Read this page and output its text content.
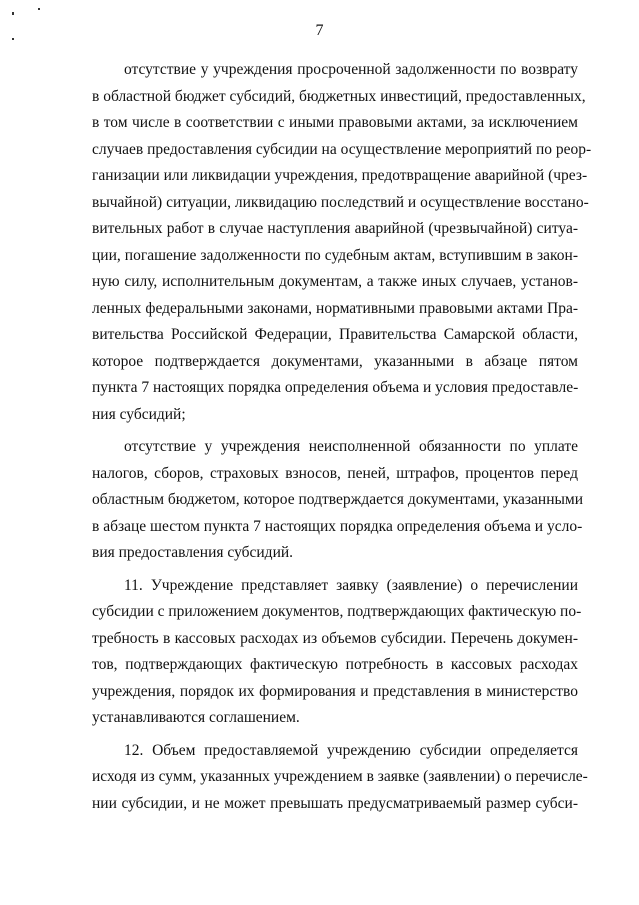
7
отсутствие у учреждения просроченной задолженности по возврату
в областной бюджет субсидий, бюджетных инвестиций, предоставленных,
в том числе в соответствии с иными правовыми актами, за исключением
случаев предоставления субсидии на осуществление мероприятий по реор-
ганизации или ликвидации учреждения, предотвращение аварийной (чрез-
вычайной) ситуации, ликвидацию последствий и осуществление восстано-
вительных работ в случае наступления аварийной (чрезвычайной) ситуа-
ции, погашение задолженности по судебным актам, вступившим в закон-
ную силу, исполнительным документам, а также иных случаев, установ-
ленных федеральными законами, нормативными правовыми актами Пра-
вительства Российской Федерации, Правительства Самарской области,
которое подтверждается документами, указанными в абзаце пятом
пункта 7 настоящих порядка определения объема и условия предоставле-
ния субсидий;
отсутствие у учреждения неисполненной обязанности по уплате
налогов, сборов, страховых взносов, пеней, штрафов, процентов перед
областным бюджетом, которое подтверждается документами, указанными
в абзаце шестом пункта 7 настоящих порядка определения объема и усло-
вия предоставления субсидий.
11. Учреждение представляет заявку (заявление) о перечислении
субсидии с приложением документов, подтверждающих фактическую по-
требность в кассовых расходах из объемов субсидии. Перечень докумен-
тов, подтверждающих фактическую потребность в кассовых расходах
учреждения, порядок их формирования и представления в министерство
устанавливаются соглашением.
12. Объем предоставляемой учреждению субсидии определяется
исходя из сумм, указанных учреждением в заявке (заявлении) о перечисле-
нии субсидии, и не может превышать предусматриваемый размер субси-
